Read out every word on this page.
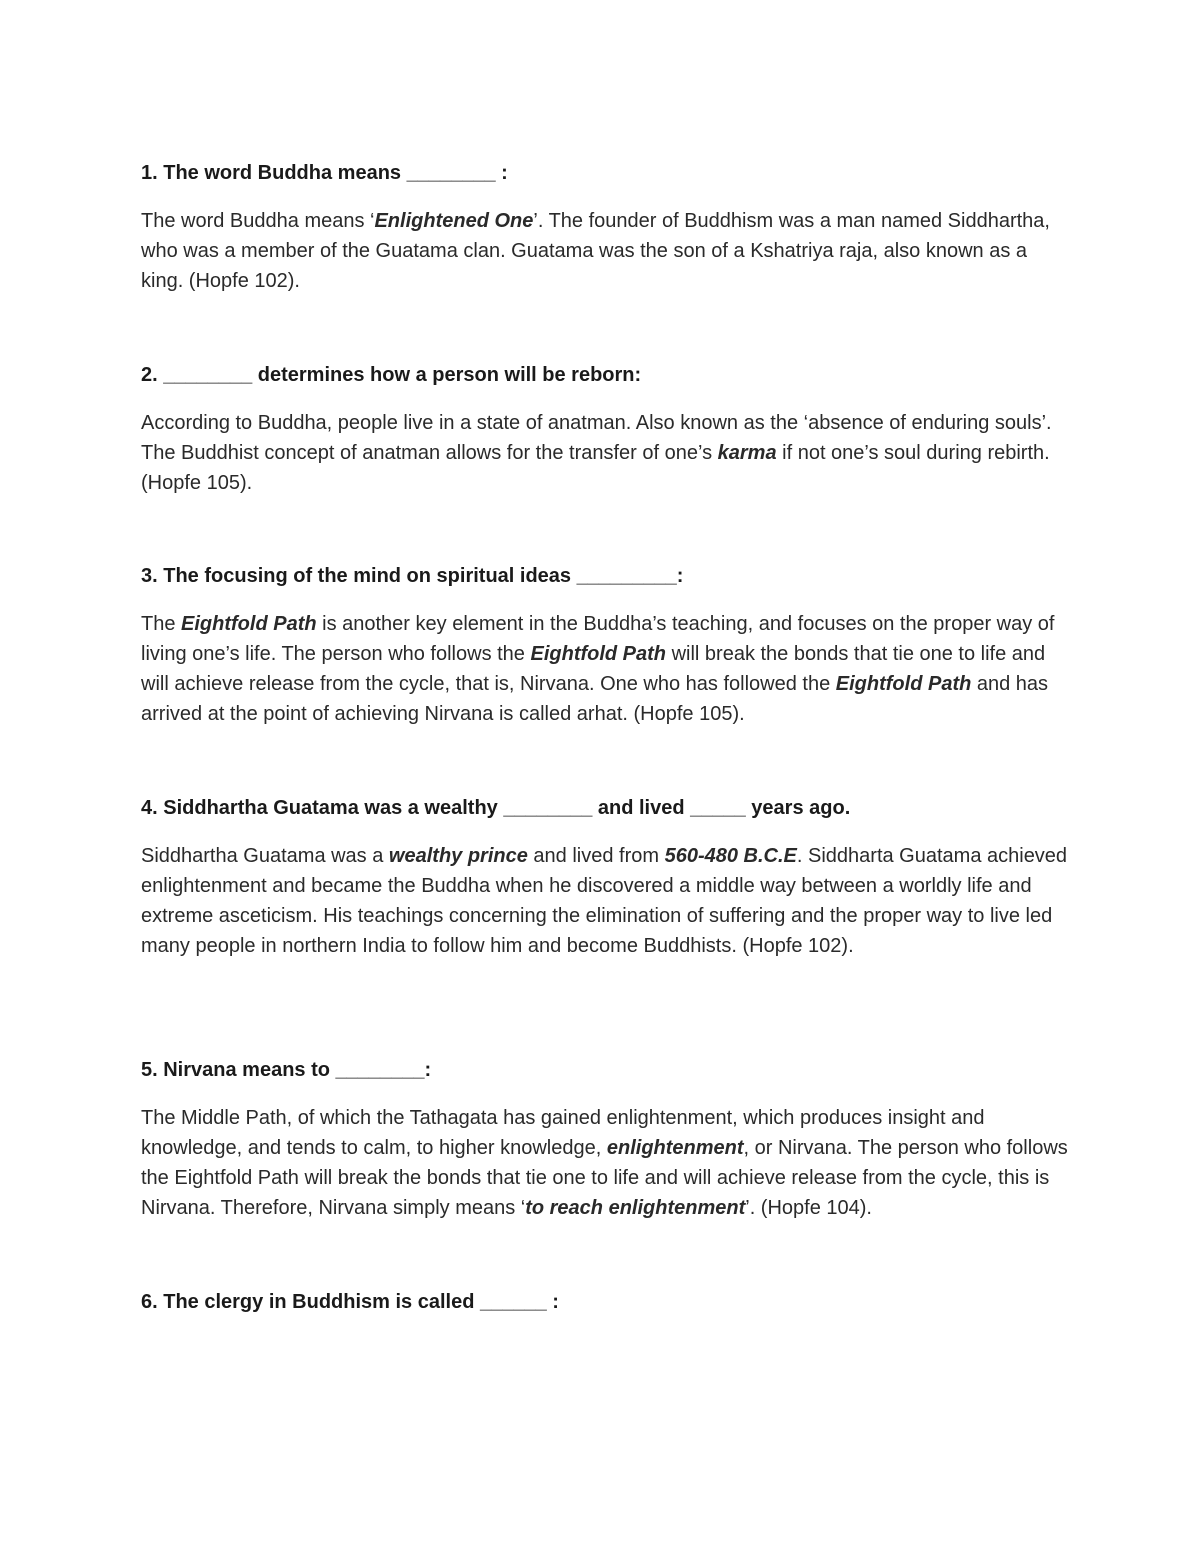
1. The word Buddha means ________ :

The word Buddha means ‘Enlightened One’. The founder of Buddhism was a man named Siddhartha, who was a member of the Guatama clan. Guatama was the son of a Kshatriya raja, also known as a king. (Hopfe 102).

2. ________ determines how a person will be reborn:

According to Buddha, people live in a state of anatman. Also known as the ‘absence of enduring souls’. The Buddhist concept of anatman allows for the transfer of one’s karma if not one’s soul during rebirth. (Hopfe 105).

3. The focusing of the mind on spiritual ideas _________:

The Eightfold Path is another key element in the Buddha’s teaching, and focuses on the proper way of living one’s life. The person who follows the Eightfold Path will break the bonds that tie one to life and will achieve release from the cycle, that is, Nirvana. One who has followed the Eightfold Path and has arrived at the point of achieving Nirvana is called arhat. (Hopfe 105).

4. Siddhartha Guatama was a wealthy ________ and lived _____ years ago.

Siddhartha Guatama was a wealthy prince and lived from 560-480 B.C.E. Siddharta Guatama achieved enlightenment and became the Buddha when he discovered a middle way between a worldly life and extreme asceticism. His teachings concerning the elimination of suffering and the proper way to live led many people in northern India to follow him and become Buddhists. (Hopfe 102).

5. Nirvana means to ________:

The Middle Path, of which the Tathagata has gained enlightenment, which produces insight and knowledge, and tends to calm, to higher knowledge, enlightenment, or Nirvana. The person who follows the Eightfold Path will break the bonds that tie one to life and will achieve release from the cycle, this is Nirvana. Therefore, Nirvana simply means ‘to reach enlightenment’. (Hopfe 104).

6. The clergy in Buddhism is called ______ :
